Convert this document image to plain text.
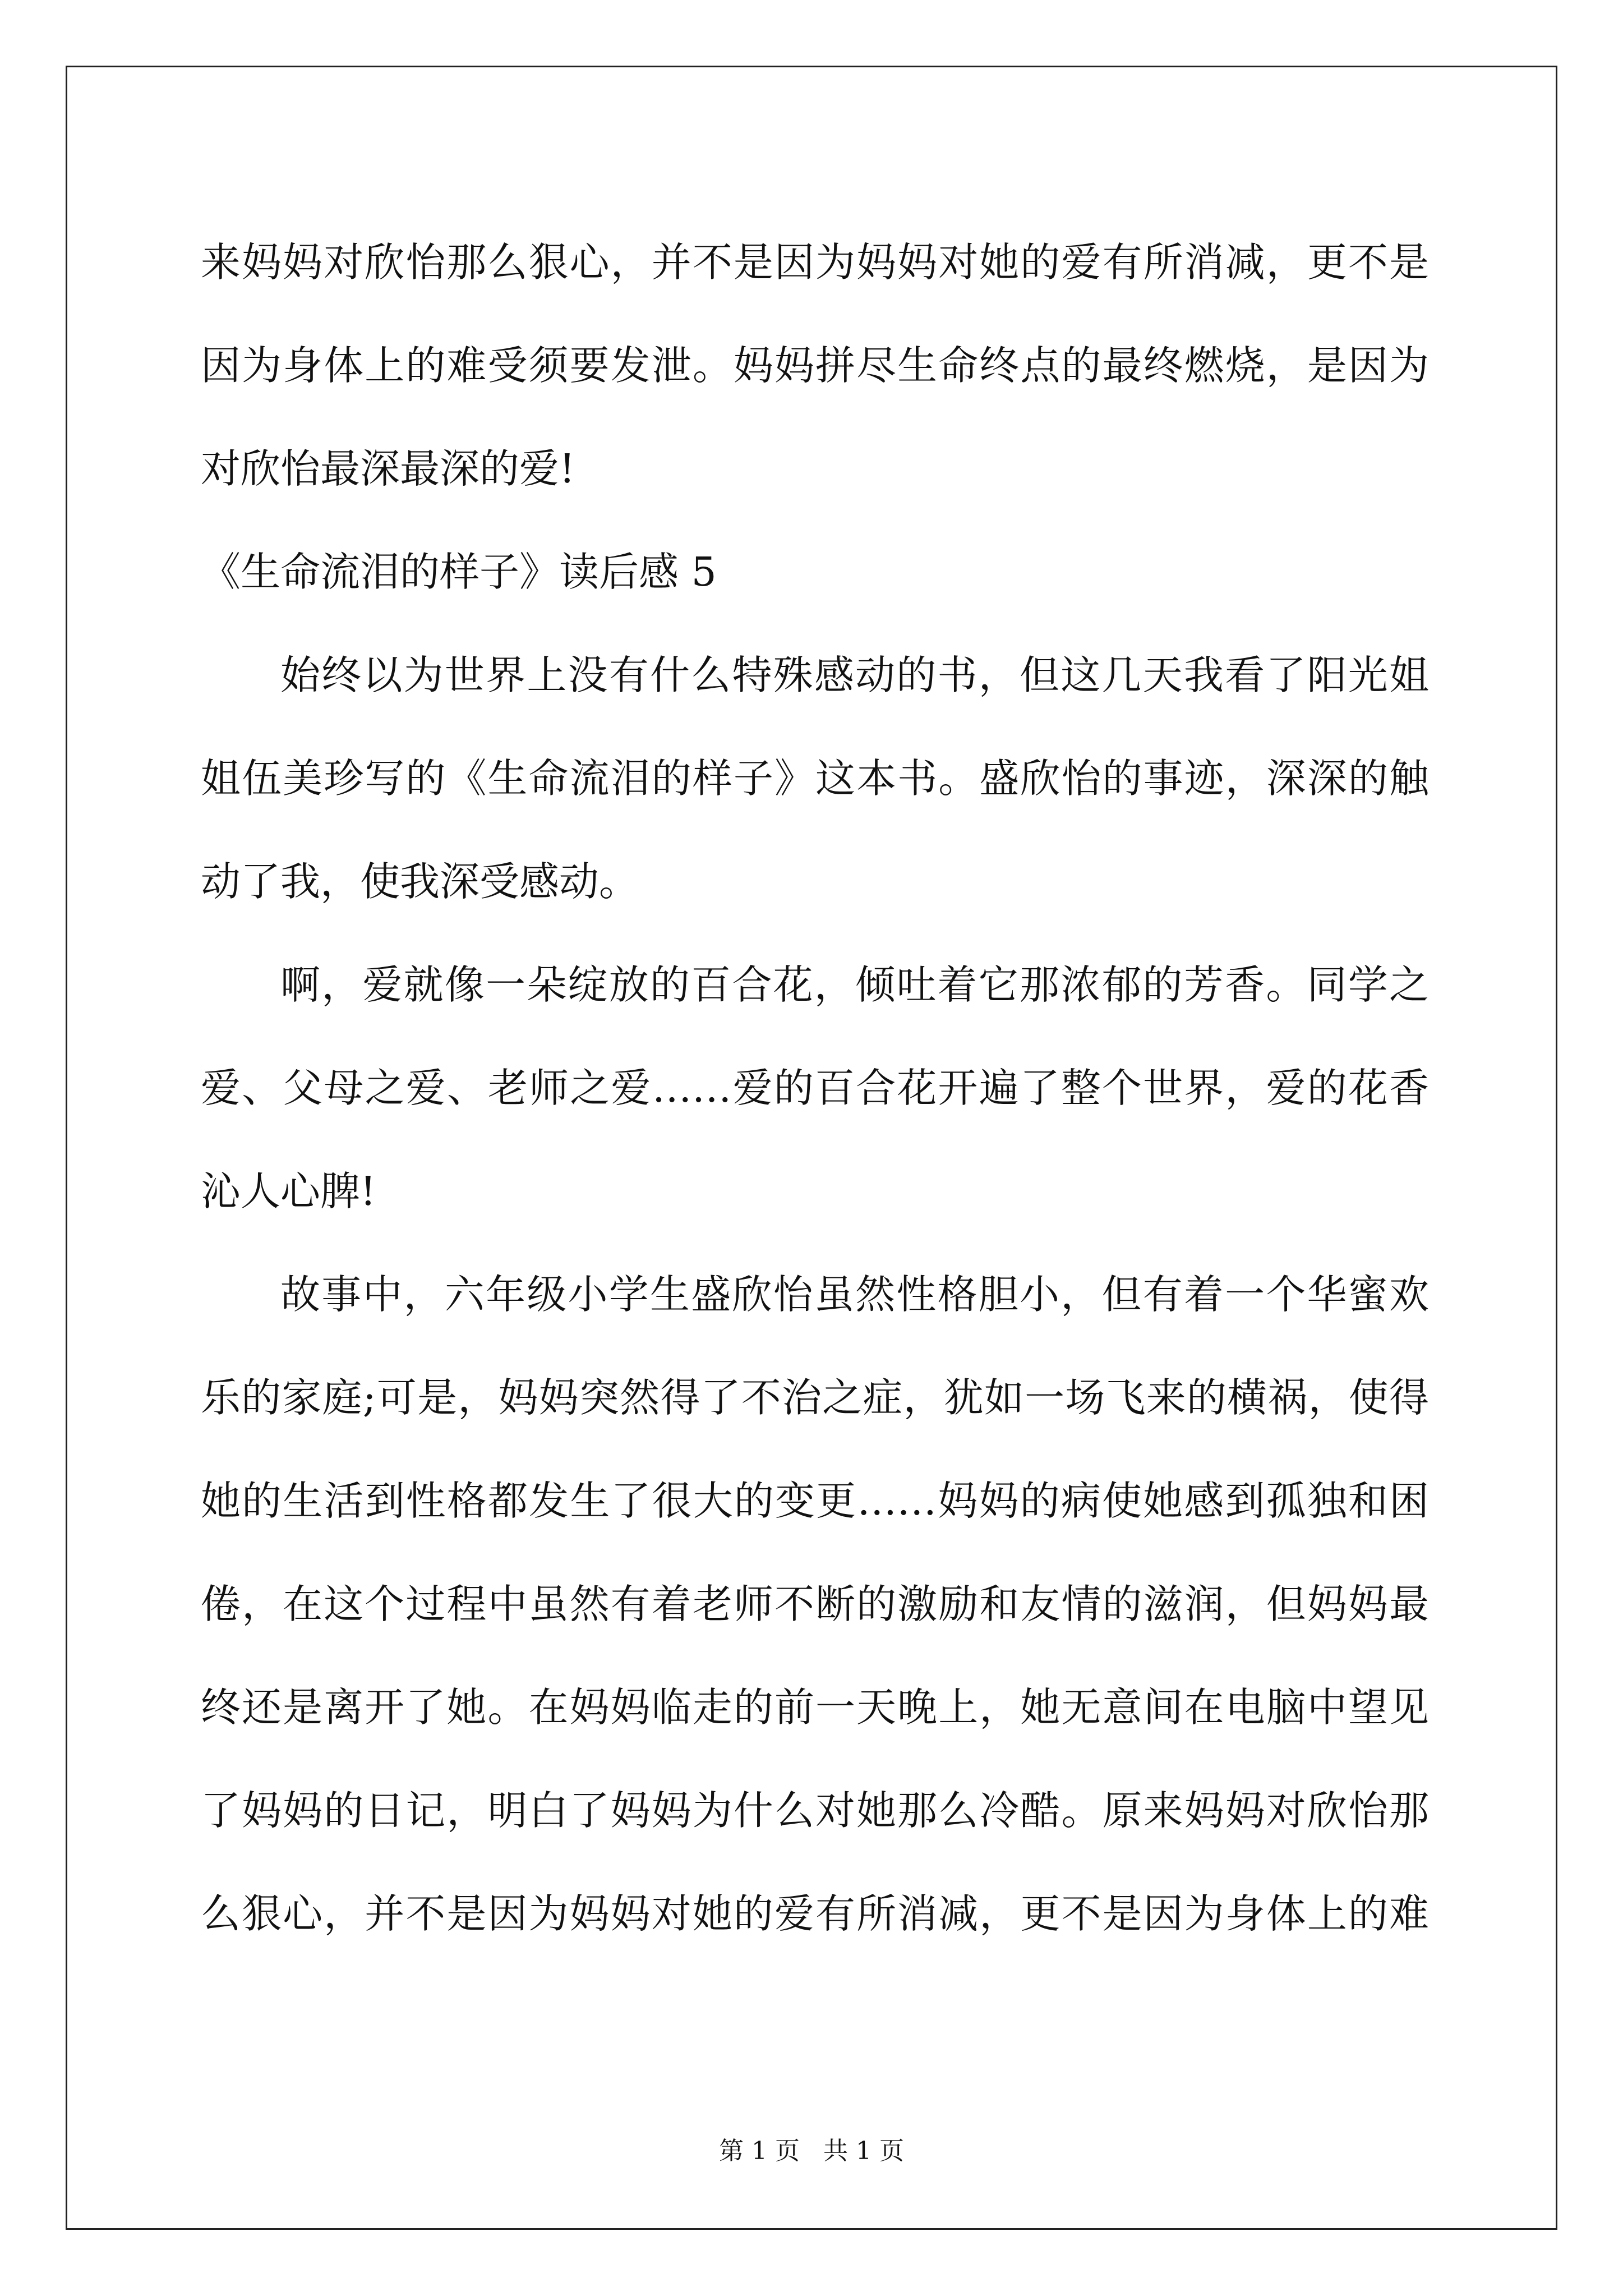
来妈妈对欣怡那么狠心，并不是因为妈妈对她的爱有所消减，更不是
因为身体上的难受须要发泄。妈妈拼尽生命终点的最终燃烧，是因为
对欣怡最深最深的爱!
《生命流泪的样子》读后感 5
始终以为世界上没有什么特殊感动的书，但这几天我看了阳光姐
姐伍美珍写的《生命流泪的样子》这本书。盛欣怡的事迹，深深的触
动了我，使我深受感动。
啊，爱就像一朵绽放的百合花，倾吐着它那浓郁的芳香。同学之
爱、父母之爱、老师之爱……爱的百合花开遍了整个世界，爱的花香
沁人心脾!
故事中，六年级小学生盛欣怡虽然性格胆小，但有着一个华蜜欢
乐的家庭;可是，妈妈突然得了不治之症，犹如一场飞来的横祸，使得
她的生活到性格都发生了很大的变更……妈妈的病使她感到孤独和困
倦，在这个过程中虽然有着老师不断的激励和友情的滋润，但妈妈最
终还是离开了她。在妈妈临走的前一天晚上，她无意间在电脑中望见
了妈妈的日记，明白了妈妈为什么对她那么冷酷。原来妈妈对欣怡那
么狠心，并不是因为妈妈对她的爱有所消减，更不是因为身体上的难
第 1 页 共 1 页
